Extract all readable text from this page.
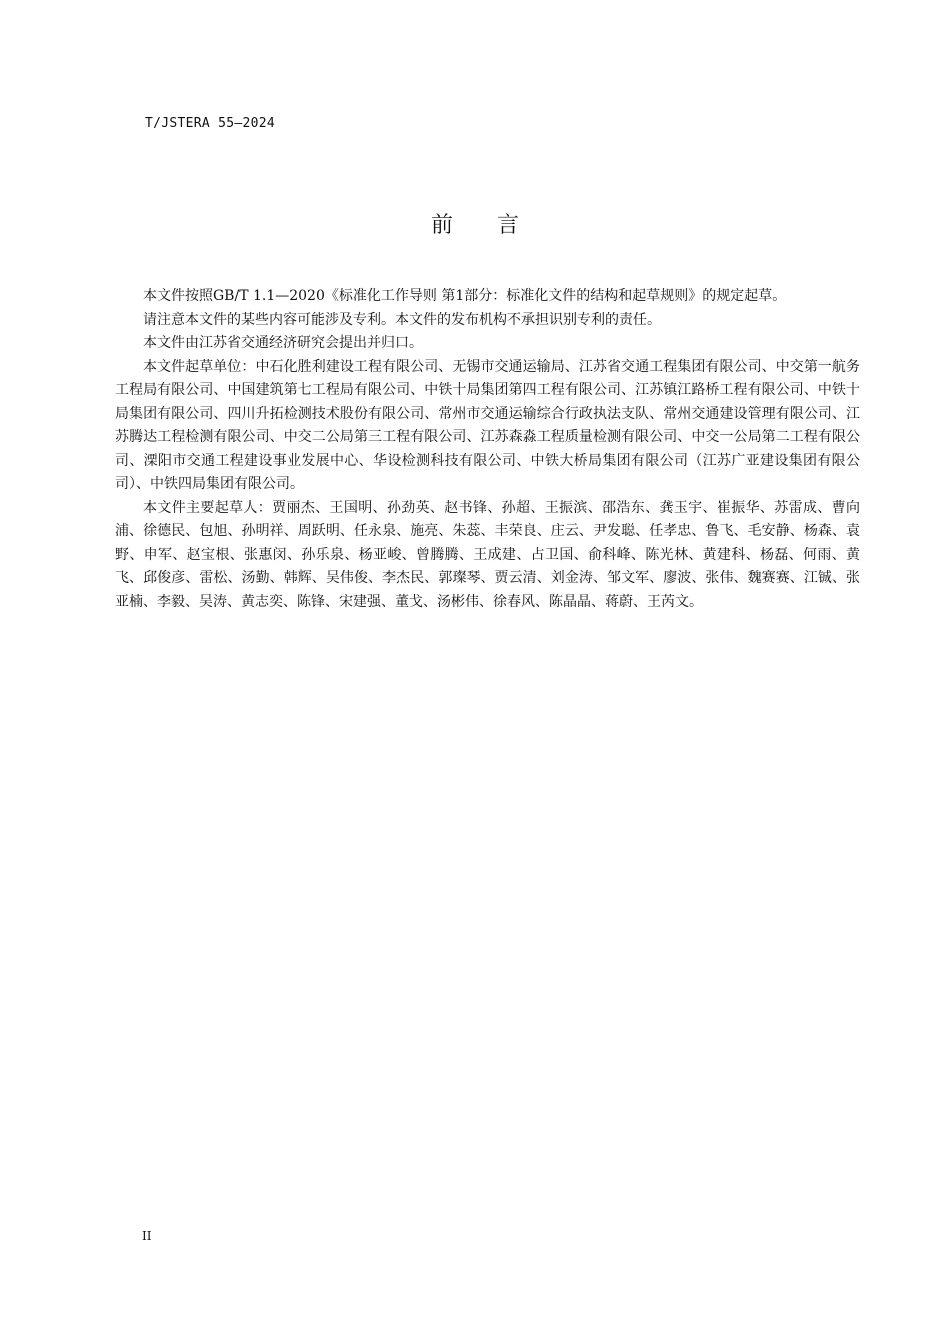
T/JSTERA 55—2024
前言

本文件按照GB/T 1.1—2020《标准化工作导则 第1部分：标准化文件的结构和起草规则》的规定起草。

请注意本文件的某些内容可能涉及专利。本文件的发布机构不承担识别专利的责任。

本文件由江苏省交通经济研究会提出并归口。

本文件起草单位：中石化胜利建设工程有限公司、无锡市交通运输局、江苏省交通工程集团有限公司、中交第一航务工程局有限公司、中国建筑第七工程局有限公司、中铁十局集团第四工程有限公司、江苏镇江路桥工程有限公司、中铁十局集团有限公司、四川升拓检测技术股份有限公司、常州市交通运输综合行政执法支队、常州交通建设管理有限公司、江苏腾达工程检测有限公司、中交二公局第三工程有限公司、江苏森淼工程质量检测有限公司、中交一公局第二工程有限公司、溧阳市交通工程建设事业发展中心、华设检测科技有限公司、中铁大桥局集团有限公司（江苏广亚建设集团有限公司）、中铁四局集团有限公司。

本文件主要起草人：贾丽杰、王国明、孙劲英、赵书锋、孙超、王振滨、邵浩东、龚玉宇、崔振华、苏雷成、曹向浦、徐德民、包旭、孙明祥、周跃明、任永泉、施亮、朱蕊、丰荣良、庄云、尹发聪、任孝忠、鲁飞、毛安静、杨森、袁野、申军、赵宝根、张惠闵、孙乐泉、杨亚峻、曾腾腾、王成建、占卫国、俞科峰、陈光林、黄建科、杨磊、何雨、黄飞、邱俊彦、雷松、汤勤、韩辉、吴伟俊、李杰民、郭璨琴、贾云清、刘金涛、邹文军、廖波、张伟、魏赛赛、江铖、张亚楠、李毅、吴涛、黄志奕、陈锋、宋建强、董戈、汤彬伟、徐春风、陈晶晶、蒋蔚、王芮文。

II
